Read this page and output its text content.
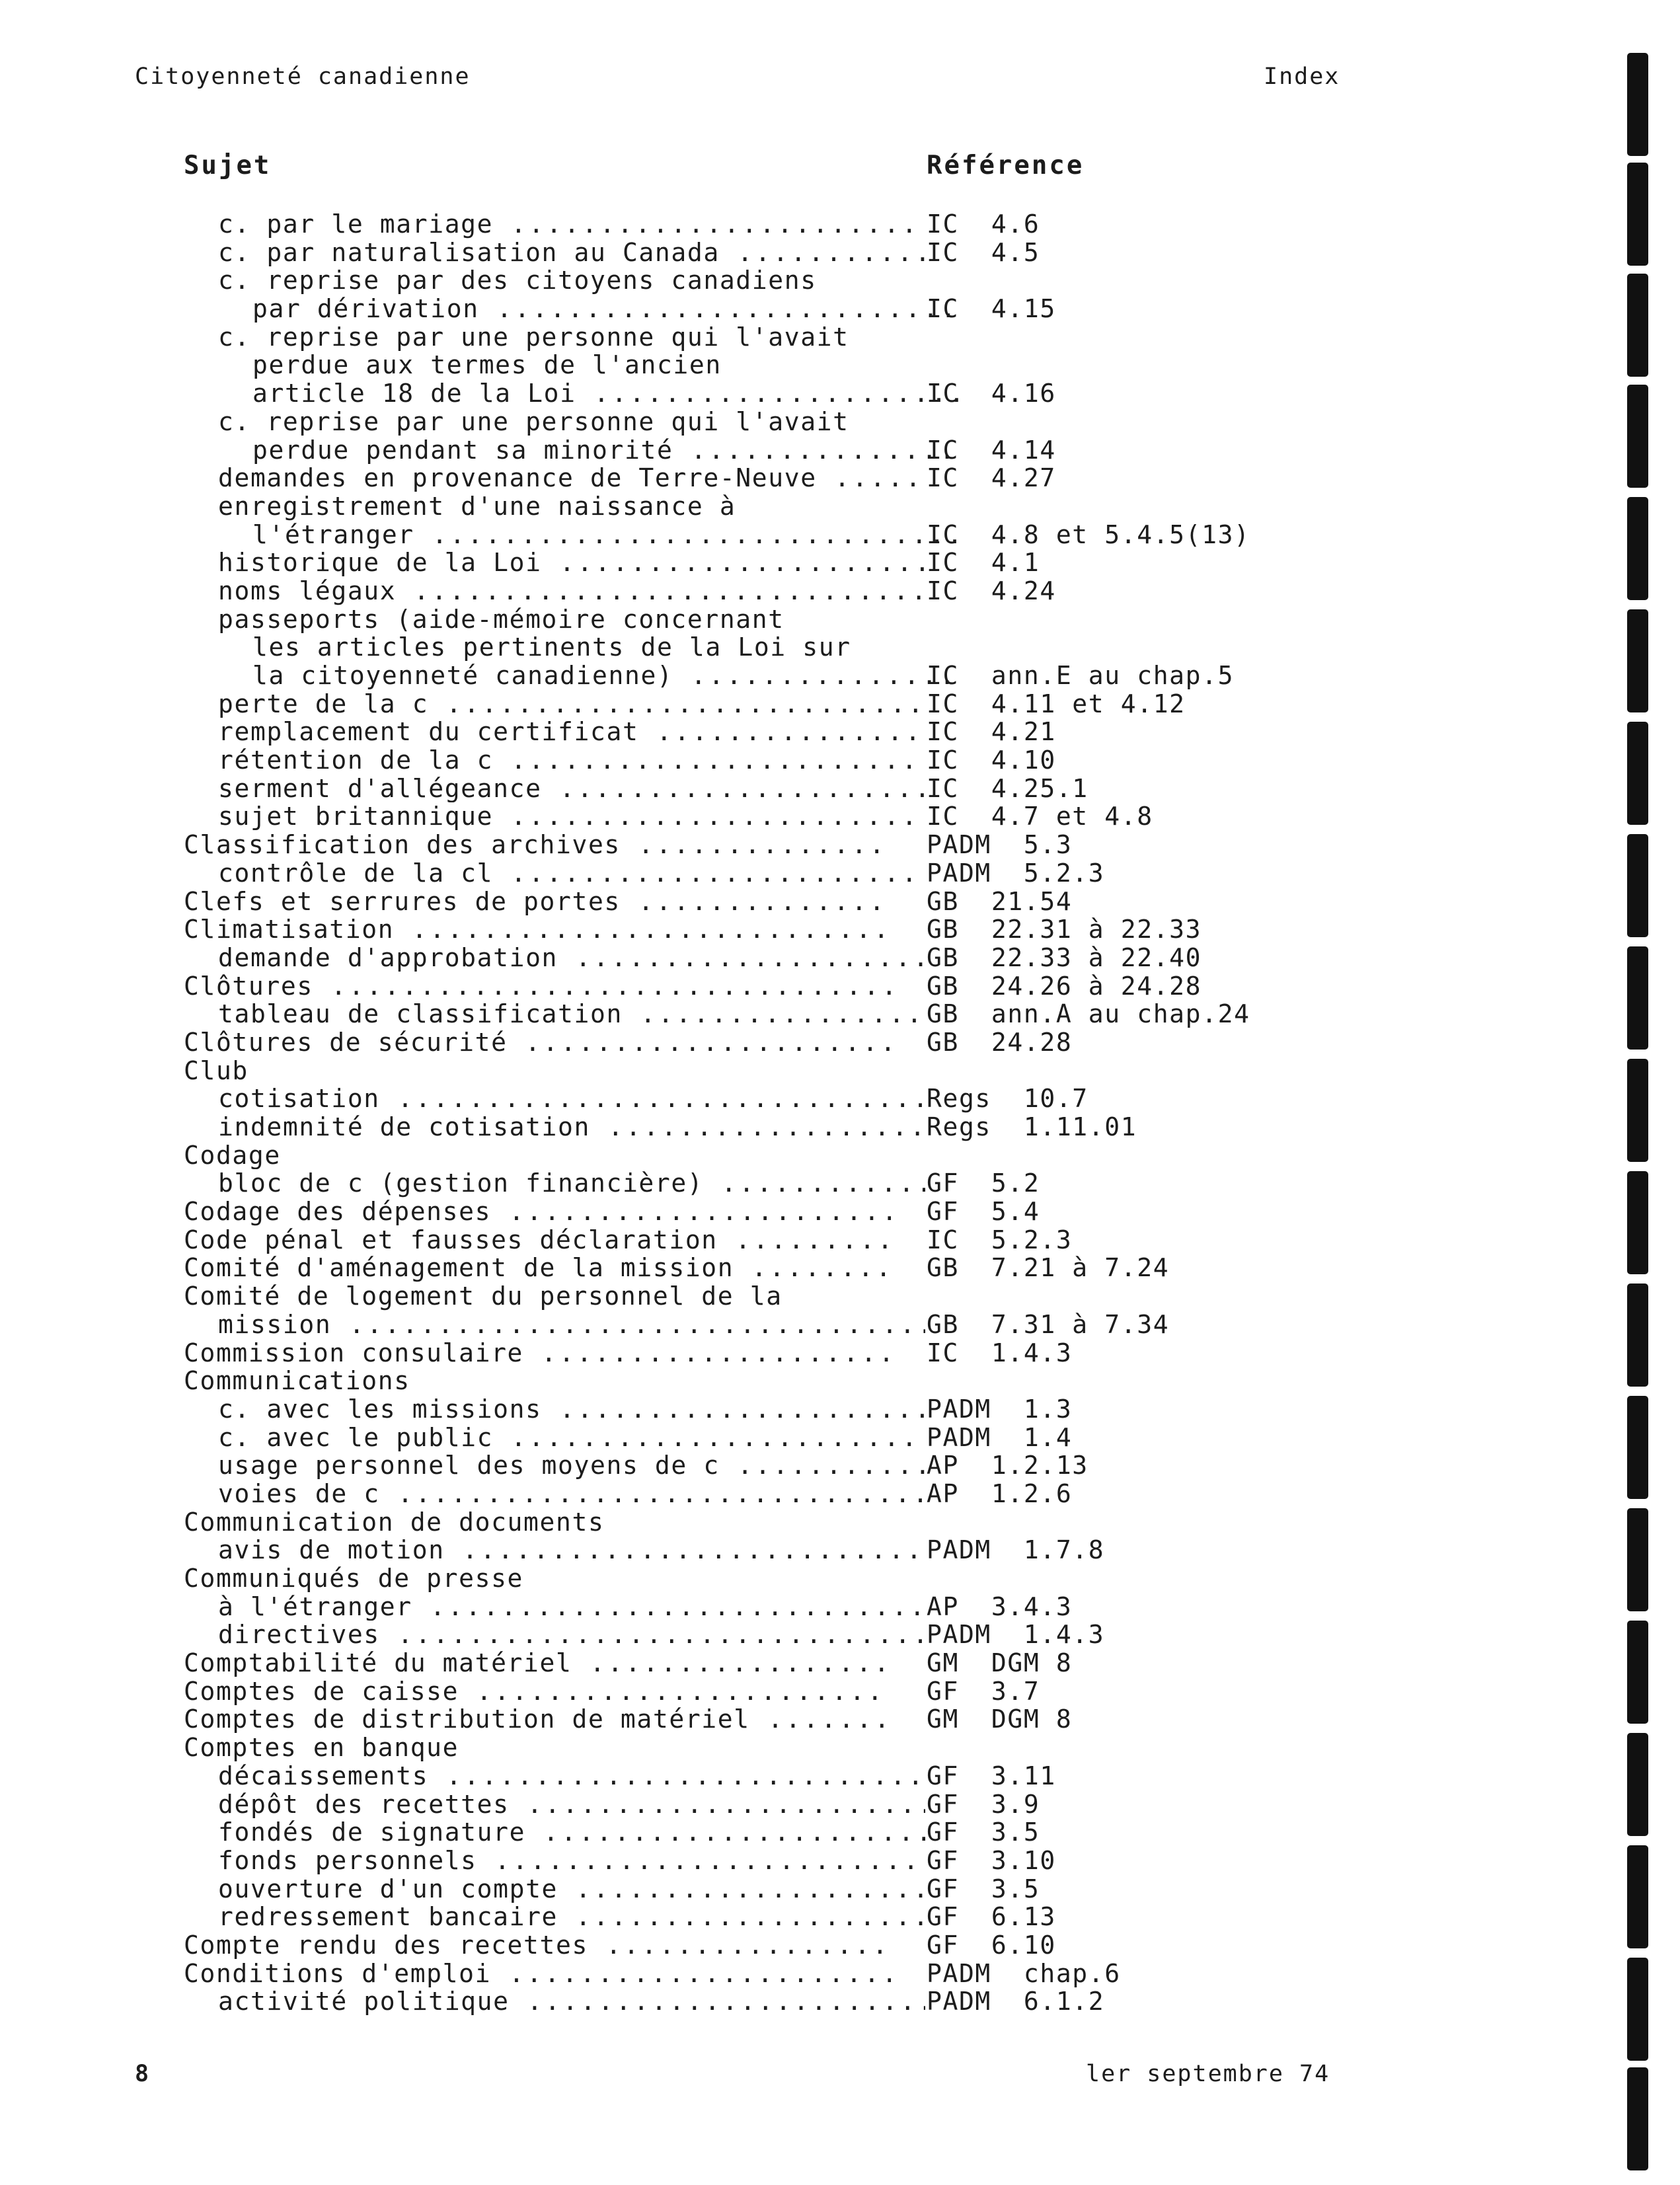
Citoyenneté canadienne	Index
Sujet	Référence
c. par le mariage .....	IC  4.6
c. par naturalisation au Canada .....	IC  4.5
c. reprise par des citoyens canadiens
par dérivation .....	IC  4.15
c. reprise par une personne qui l'avait
perdue aux termes de l'ancien
article 18 de la Loi .....	IC  4.16
c. reprise par une personne qui l'avait
perdue pendant sa minorité .....	IC  4.14
demandes en provenance de Terre-Neuve .....	IC  4.27
enregistrement d'une naissance à
l'étranger .....	IC  4.8 et 5.4.5(13)
historique de la Loi .....	IC  4.1
noms légaux .....	IC  4.24
passeports (aide-mémoire concernant
les articles pertinents de la Loi sur
la citoyenneté canadienne) .....	IC  ann.E au chap.5
perte de la c .....	IC  4.11 et 4.12
remplacement du certificat .....	IC  4.21
rétention de la c .....	IC  4.10
serment d'allégeance .....	IC  4.25.1
sujet britannique .....	IC  4.7 et 4.8
Classification des archives .....	PADM  5.3
contrôle de la cl .....	PADM  5.2.3
Clefs et serrures de portes .....	GB  21.54
Climatisation .....	GB  22.31 à 22.33
demande d'approbation .....	GB  22.33 à 22.40
Clôtures .....	GB  24.26 à 24.28
tableau de classification .....	GB  ann.A au chap.24
Clôtures de sécurité .....	GB  24.28
Club
cotisation .....	Regs  10.7
indemnité de cotisation .....	Regs  1.11.01
Codage
bloc de c (gestion financière) .....	GF  5.2
Codage des dépenses .....	GF  5.4
Code pénal et fausses déclaration .....	IC  5.2.3
Comité d'aménagement de la mission .....	GB  7.21 à 7.24
Comité de logement du personnel de la
mission .....	GB  7.31 à 7.34
Commission consulaire .....	IC  1.4.3
Communications
c. avec les missions .....	PADM  1.3
c. avec le public .....	PADM  1.4
usage personnel des moyens de c .....	AP  1.2.13
voies de c .....	AP  1.2.6
Communication de documents
avis de motion .....	PADM  1.7.8
Communiqués de presse
à l'étranger .....	AP  3.4.3
directives .....	PADM  1.4.3
Comptabilité du matériel .....	GM  DGM 8
Comptes de caisse .....	GF  3.7
Comptes de distribution de matériel .....	GM  DGM 8
Comptes en banque
décaissements .....	GF  3.11
dépôt des recettes .....	GF  3.9
fondés de signature .....	GF  3.5
fonds personnels .....	GF  3.10
ouverture d'un compte .....	GF  3.5
redressement bancaire .....	GF  6.13
Compte rendu des recettes .....	GF  6.10
Conditions d'emploi .....	PADM  chap.6
activité politique .....	PADM  6.1.2
8	ler septembre 74
